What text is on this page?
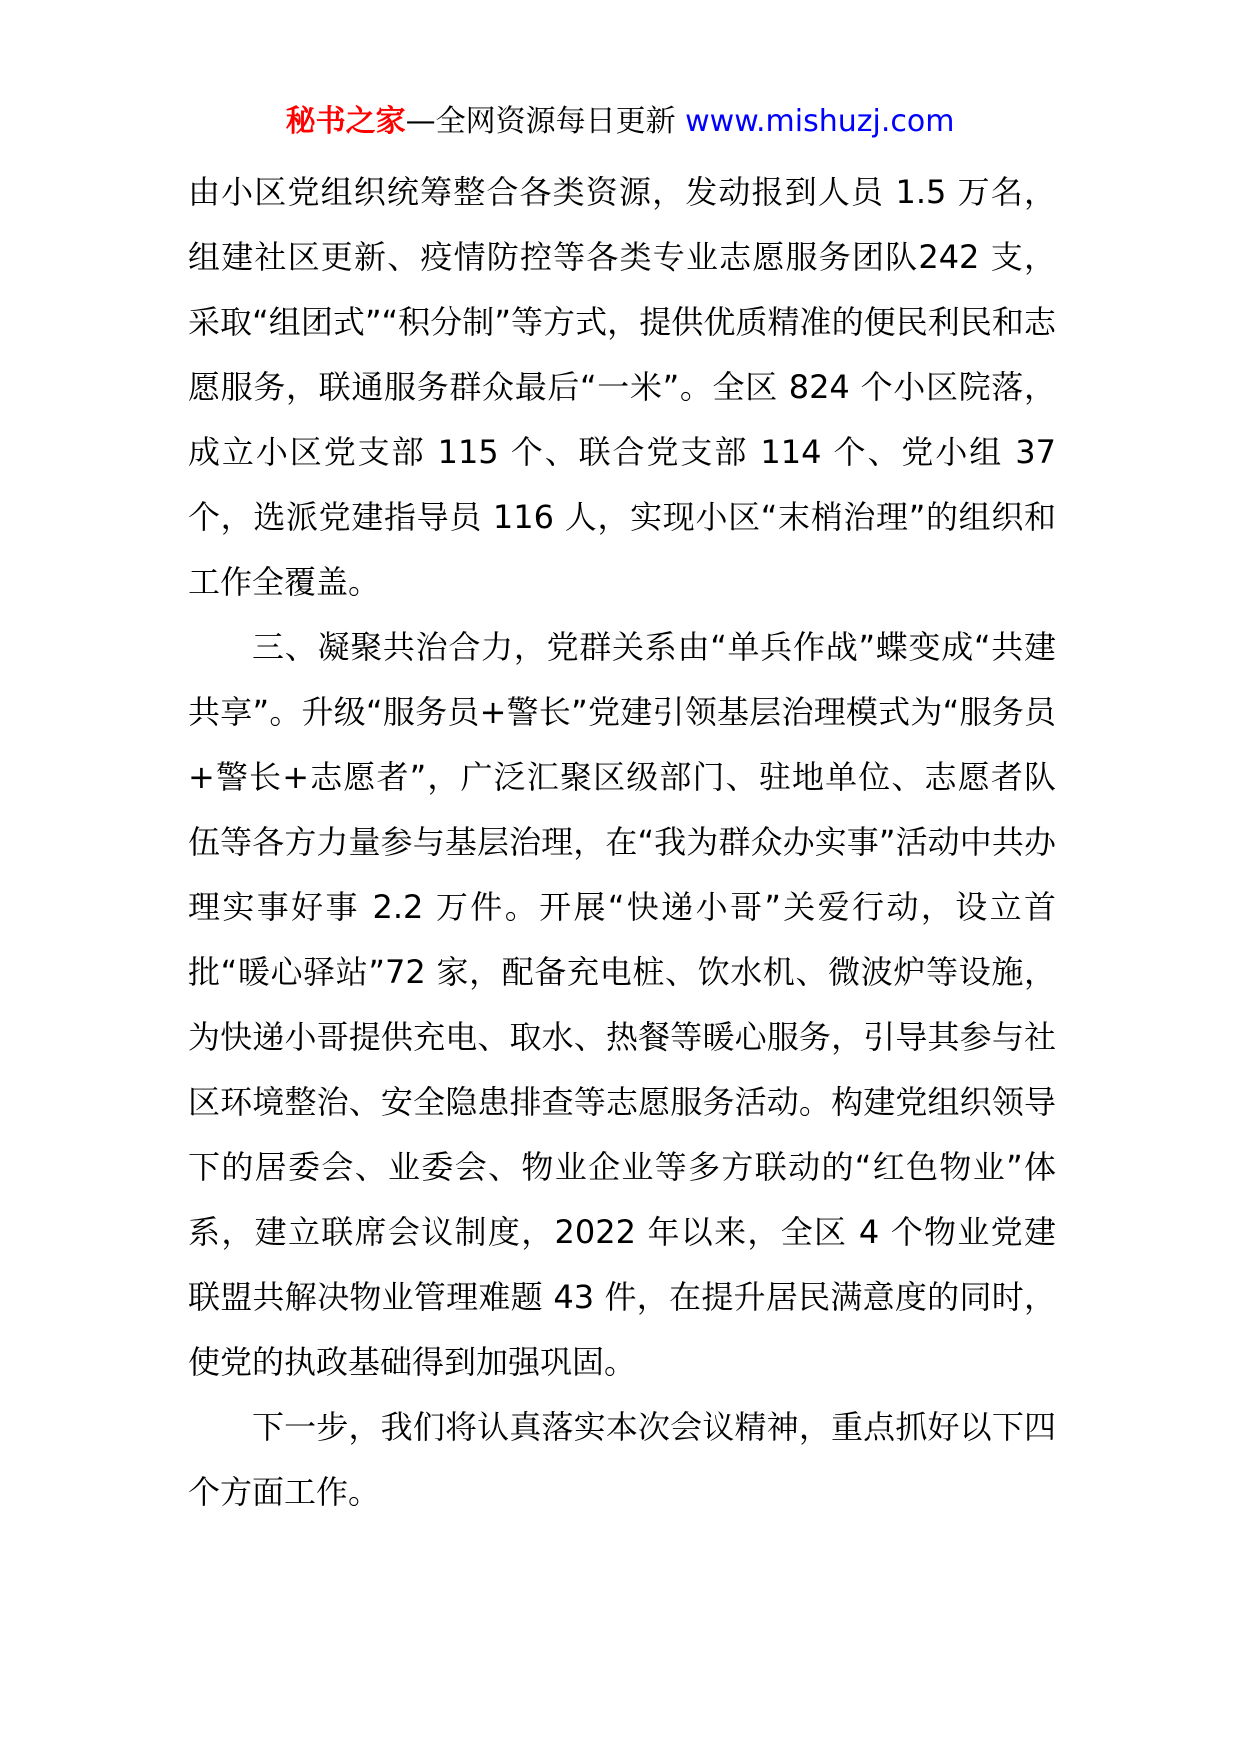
秘书之家—全网资源每日更新 www.mishuzj.com

由小区党组织统筹整合各类资源，发动报到人员 1.5 万名，组建社区更新、疫情防控等各类专业志愿服务团队242 支，采取“组团式”“积分制”等方式，提供优质精准的便民利民和志愿服务，联通服务群众最后“一米”。全区 824 个小区院落，成立小区党支部 115 个、联合党支部 114 个、党小组 37 个，选派党建指导员 116 人，实现小区“末梢治理”的组织和工作全覆盖。

三、凝聚共治合力，党群关系由“单兵作战”蝶变成“共建共享”。升级“服务员+警长”党建引领基层治理模式为“服务员+警长+志愿者”，广泛汇聚区级部门、驻地单位、志愿者队伍等各方力量参与基层治理，在“我为群众办实事”活动中共办理实事好事 2.2 万件。开展“快递小哥”关爱行动，设立首批“暖心驿站”72 家，配备充电桩、饮水机、微波炉等设施，为快递小哥提供充电、取水、热餐等暖心服务，引导其参与社区环境整治、安全隐患排查等志愿服务活动。构建党组织领导下的居委会、业委会、物业企业等多方联动的“红色物业”体系，建立联席会议制度，2022 年以来，全区 4 个物业党建联盟共解决物业管理难题 43 件，在提升居民满意度的同时，使党的执政基础得到加强巩固。

下一步，我们将认真落实本次会议精神，重点抓好以下四个方面工作。
